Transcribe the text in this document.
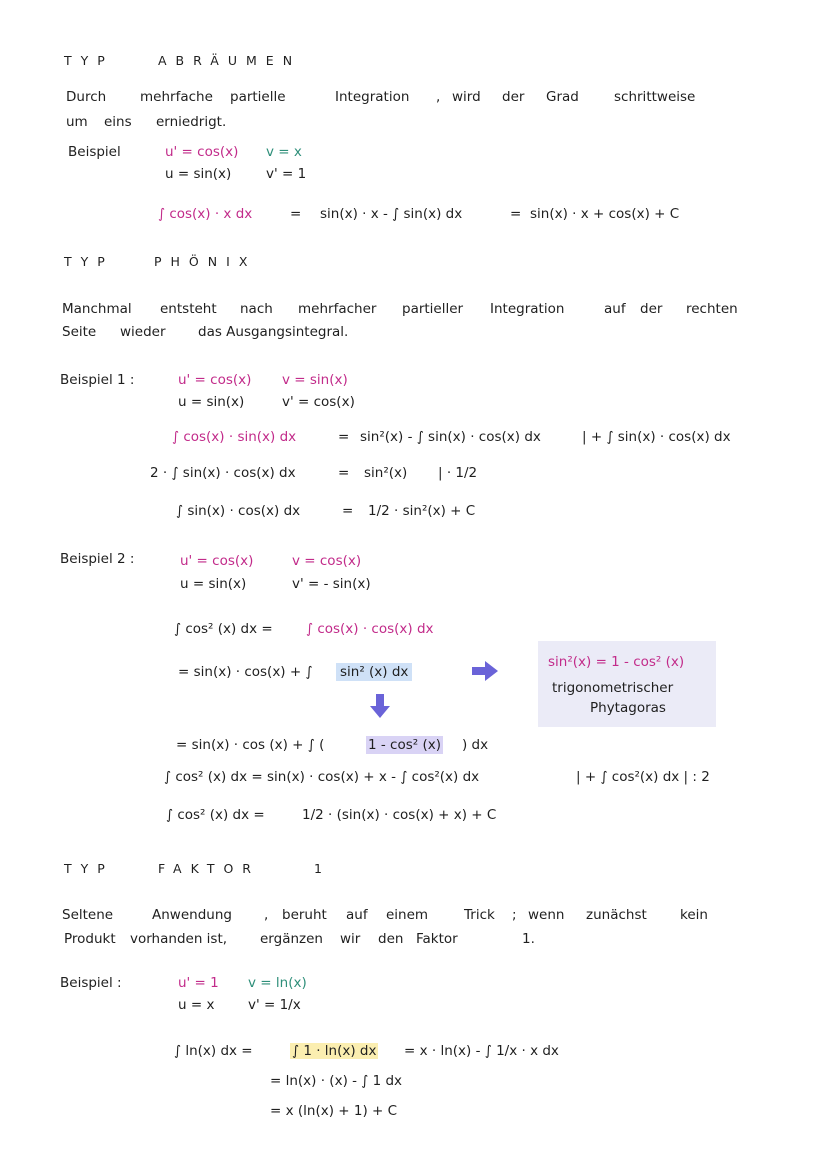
TYP	ABRÄUMEN
Durch	mehrfache partielle	Integration , wird der Grad	schrittweise
um eins erniedrigt.
Beispiel	u' = cos(x) v = x
u = sin(x)	v' = 1
∫ cos(x) · x dx	= sin(x) · x - ∫ sin(x) dx	= sin(x) · x + cos(x) + C
TYP	PHÖNIX
Manchmal entsteht nach mehrfacher partieller Integration	auf der rechten
Seite wieder das Ausgangsintegral.
Beispiel 1 :	u' = cos(x) v = sin(x)
u = sin(x)	v' = cos(x)
∫ cos(x) · sin(x) dx	= sin²(x) - ∫ sin(x) · cos(x) dx	| + ∫ sin(x) · cos(x) dx
2 · ∫ sin(x) · cos(x) dx	= sin²(x) | · 1/2
∫ sin(x) · cos(x) dx	= 1/2 · sin²(x) + C
Beispiel 2 :	u' = cos(x)	v = cos(x)
u = sin(x)	v' = - sin(x)
∫ cos² (x) dx = ∫ cos(x) · cos(x) dx
= sin(x) · cos(x) + ∫ sin² (x) dx
sin²(x) = 1 - cos² (x)
trigonometrischer
Phytagoras
= sin(x) · cos (x) + ∫ (	1 - cos² (x) ) dx
∫ cos² (x) dx = sin(x) · cos(x) + x - ∫ cos²(x) dx	| + ∫ cos²(x) dx | : 2
∫ cos² (x) dx =	1/2 · (sin(x) · cos(x) + x) + C
TYP	FAKTOR	1
Seltene	Anwendung , beruht auf einem	Trick ; wenn zunächst kein
Produkt vorhanden ist, ergänzen wir den Faktor	1.
Beispiel :	u' = 1 v = ln(x)
u = x v' = 1/x
∫ ln(x) dx =	∫ 1 · ln(x) dx = x · ln(x) - ∫ 1/x · x dx
= ln(x) · (x) - ∫ 1 dx
= x (ln(x) + 1) + C
